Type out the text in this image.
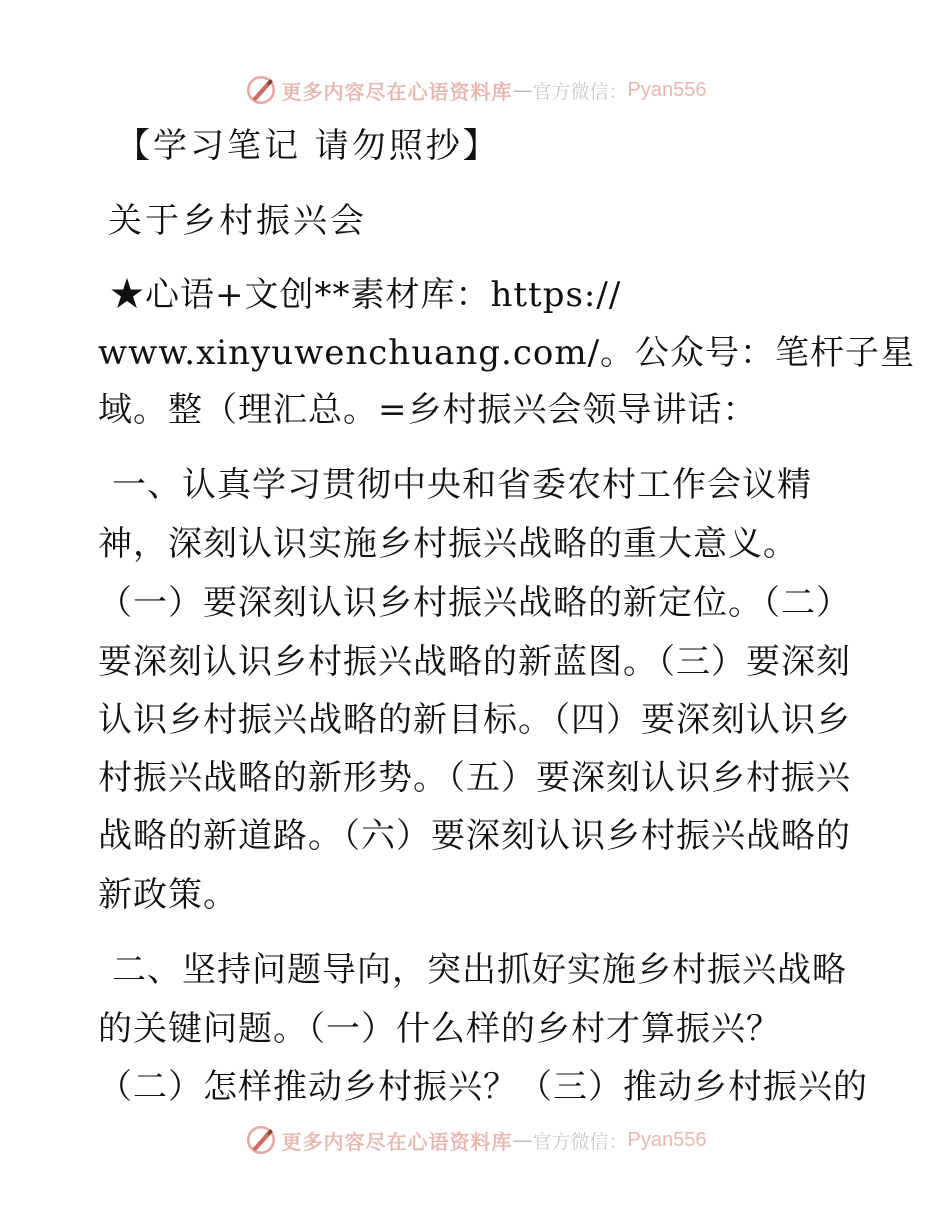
更多内容尽在心语资料库 — 官方微信： Pyan556
【学习笔记 请勿照抄】
关于乡村振兴会
★心语+文创**素材库：https://
www.xinyuwenchuang.com/。公众号：笔杆子星
域。整（理汇总。=乡村振兴会领导讲话：
一、认真学习贯彻中央和省委农村工作会议精
神，深刻认识实施乡村振兴战略的重大意义。
（一）要深刻认识乡村振兴战略的新定位。（二）
要深刻认识乡村振兴战略的新蓝图。（三）要深刻
认识乡村振兴战略的新目标。（四）要深刻认识乡
村振兴战略的新形势。（五）要深刻认识乡村振兴
战略的新道路。（六）要深刻认识乡村振兴战略的
新政策。
二、坚持问题导向，突出抓好实施乡村振兴战略
的关键问题。（一）什么样的乡村才算振兴？
（二）怎样推动乡村振兴？（三）推动乡村振兴的
更多内容尽在心语资料库 — 官方微信： Pyan556
